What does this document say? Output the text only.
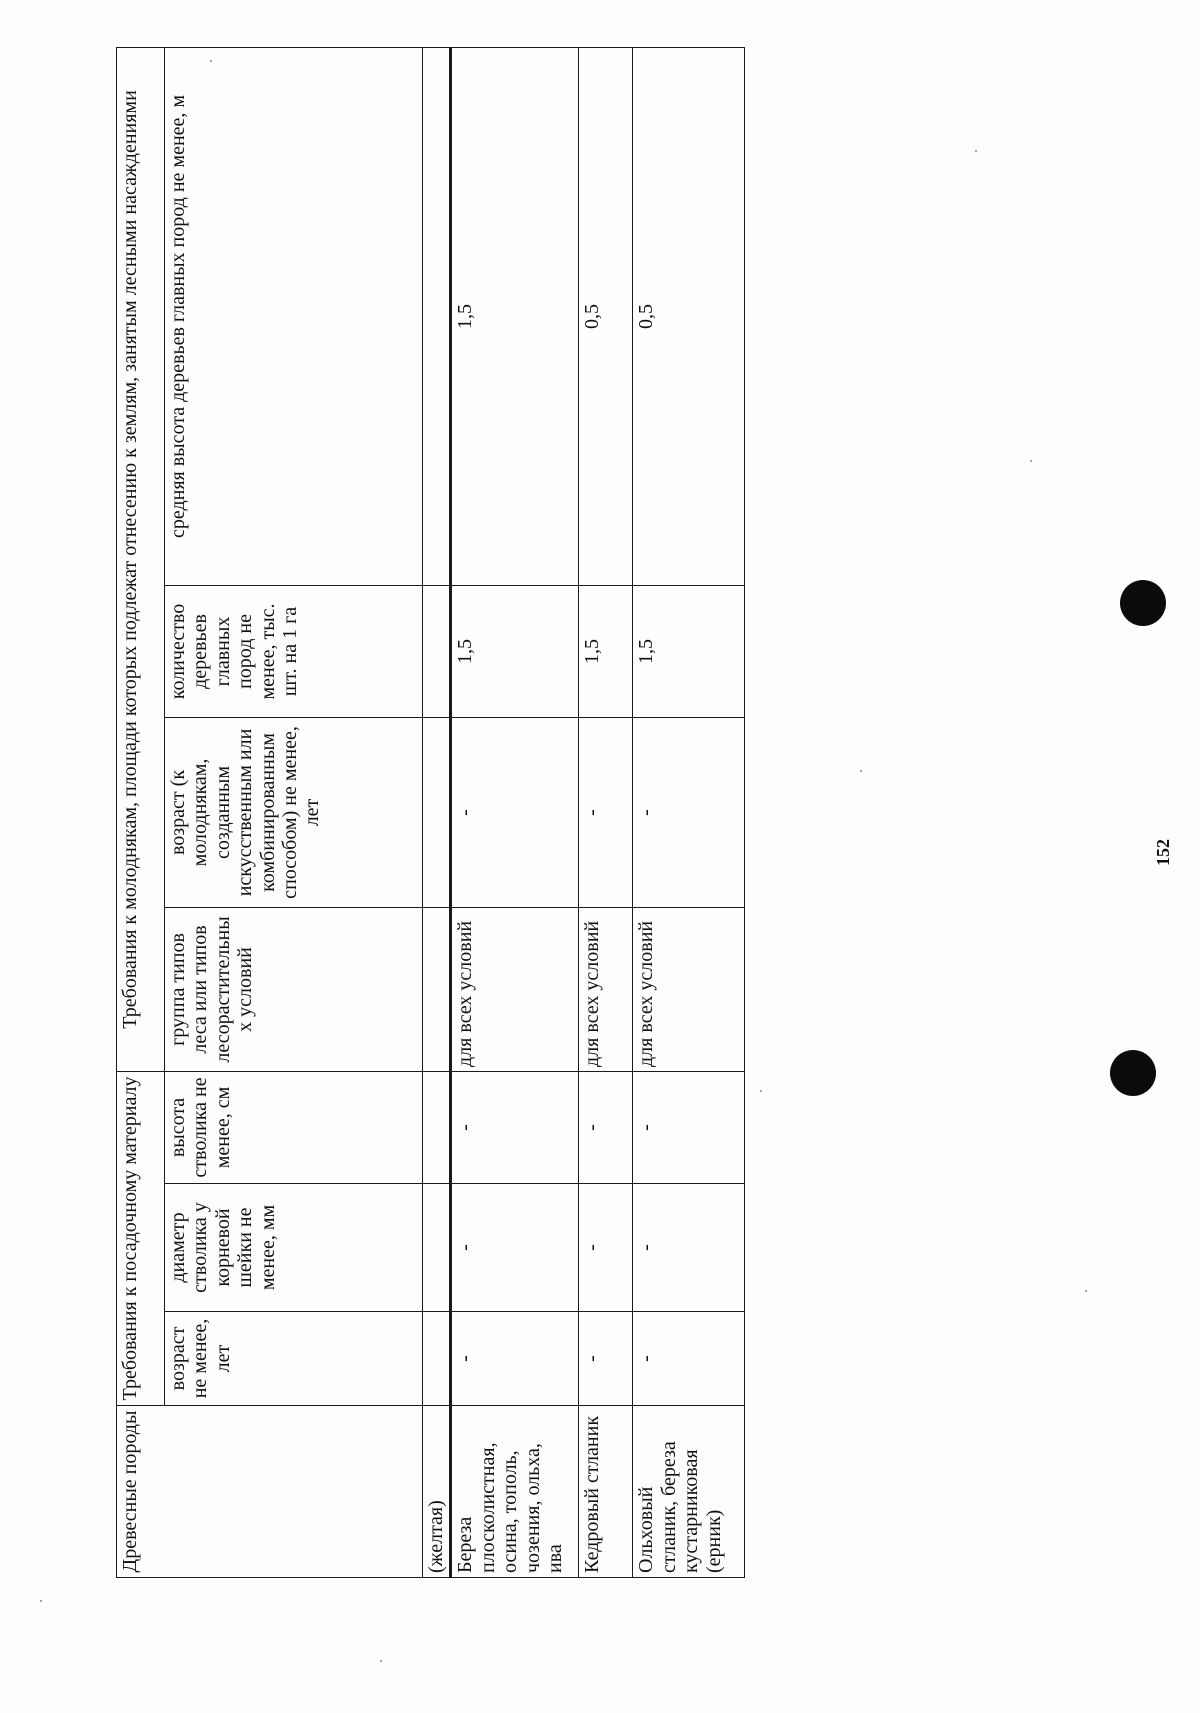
Древесные породы	Требования к посадочному материалу			Требования к молоднякам, площади которых подлежат отнесению к землям, занятым лесными насаждениями			
	возраст не менее, лет	диаметр стволика у корневой шейки не менее, мм	высота стволика не менее, см	группа типов леса или типов лесорастительных условий	возраст (к молоднякам, созданным искусственным или комбинированным способом) не менее, лет	количество деревьев главных пород не менее, тыс. шт. на 1 га	средняя высота деревьев главных пород не менее, м
(желтая)							
Береза плосколистная, осина, тополь, чозения, ольха, ива	-	-	-	для всех условий	-	1,5	1,5
Кедровый стланик	-	-	-	для всех условий	-	1,5	0,5
Ольховый стланик, береза кустарниковая (ерник)	-	-	-	для всех условий	-	1,5	0,5
152
